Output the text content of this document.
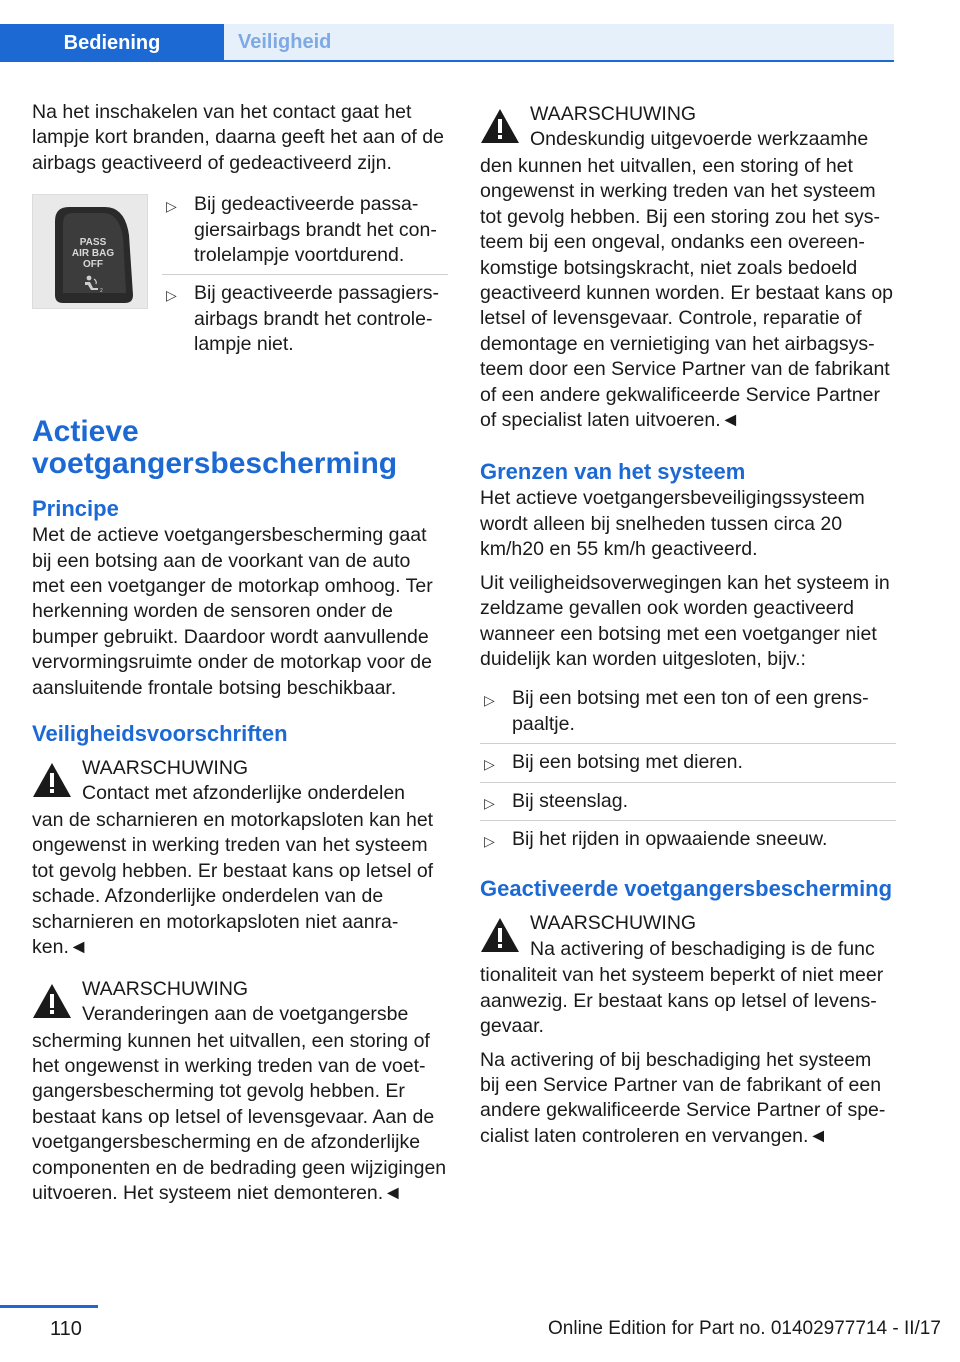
Bediening	Veiligheid

Na het inschakelen van het contact gaat het lampje kort branden, daarna geeft het aan of de airbags geactiveerd of gedeactiveerd zijn.

PASS
AIR BAG
OFF
2
▷ Bij gedeactiveerde passagiersairbags brandt het controlelampje voortdurend.
▷ Bij geactiveerde passagiersairbags brandt het controlelampje niet.
Actieve voetgangersbescherming
Principe

Met de actieve voetgangersbescherming gaat bij een botsing aan de voorkant van de auto met een voetganger de motorkap omhoog. Ter herkenning worden de sensoren onder de bumper gebruikt. Daardoor wordt aanvullende vervormingsruimte onder de motorkap voor de aansluitende frontale botsing beschikbaar.

Veiligheidsvoorschriften
WAARSCHUWING
Contact met afzonderlijke onderdelen
van de scharnieren en motorkapsloten kan het ongewenst in werking treden van het systeem tot gevolg hebben. Er bestaat kans op letsel of schade. Afzonderlijke onderdelen van de scharnieren en motorkapsloten niet aanraken.◄
WAARSCHUWING
Veranderingen aan de voetgangersbe
scherming kunnen het uitvallen, een storing of het ongewenst in werking treden van de voetgangersbescherming tot gevolg hebben. Er bestaat kans op letsel of levensgevaar. Aan de voetgangersbescherming en de afzonderlijke componenten en de bedrading geen wijzigingen uitvoeren. Het systeem niet demonteren.◄
WAARSCHUWING
Ondeskundig uitgevoerde werkzaamhe
den kunnen het uitvallen, een storing of het ongewenst in werking treden van het systeem tot gevolg hebben. Bij een storing zou het systeem bij een ongeval, ondanks een overeenkomstige botsingskracht, niet zoals bedoeld geactiveerd kunnen worden. Er bestaat kans op letsel of levensgevaar. Controle, reparatie of demontage en vernietiging van het airbagsysteem door een Service Partner van de fabrikant of een andere gekwalificeerde Service Partner of specialist laten uitvoeren.◄
Grenzen van het systeem

Het actieve voetgangersbeveiligingssysteem wordt alleen bij snelheden tussen circa 20 km/h20 en 55 km/h geactiveerd.

Uit veiligheidsoverwegingen kan het systeem in zeldzame gevallen ook worden geactiveerd wanneer een botsing met een voetganger niet duidelijk kan worden uitgesloten, bijv.:

▷ Bij een botsing met een ton of een grenspaaltje.
▷ Bij een botsing met dieren.
▷ Bij steenslag.
▷ Bij het rijden in opwaaiende sneeuw.
Geactiveerde voetgangersbescherming
WAARSCHUWING
Na activering of beschadiging is de func
tionaliteit van het systeem beperkt of niet meer aanwezig. Er bestaat kans op letsel of levensgevaar.

Na activering of bij beschadiging het systeem bij een Service Partner van de fabrikant of een andere gekwalificeerde Service Partner of specialist laten controleren en vervangen.◄

110	Online Edition for Part no. 01402977714 - II/17
